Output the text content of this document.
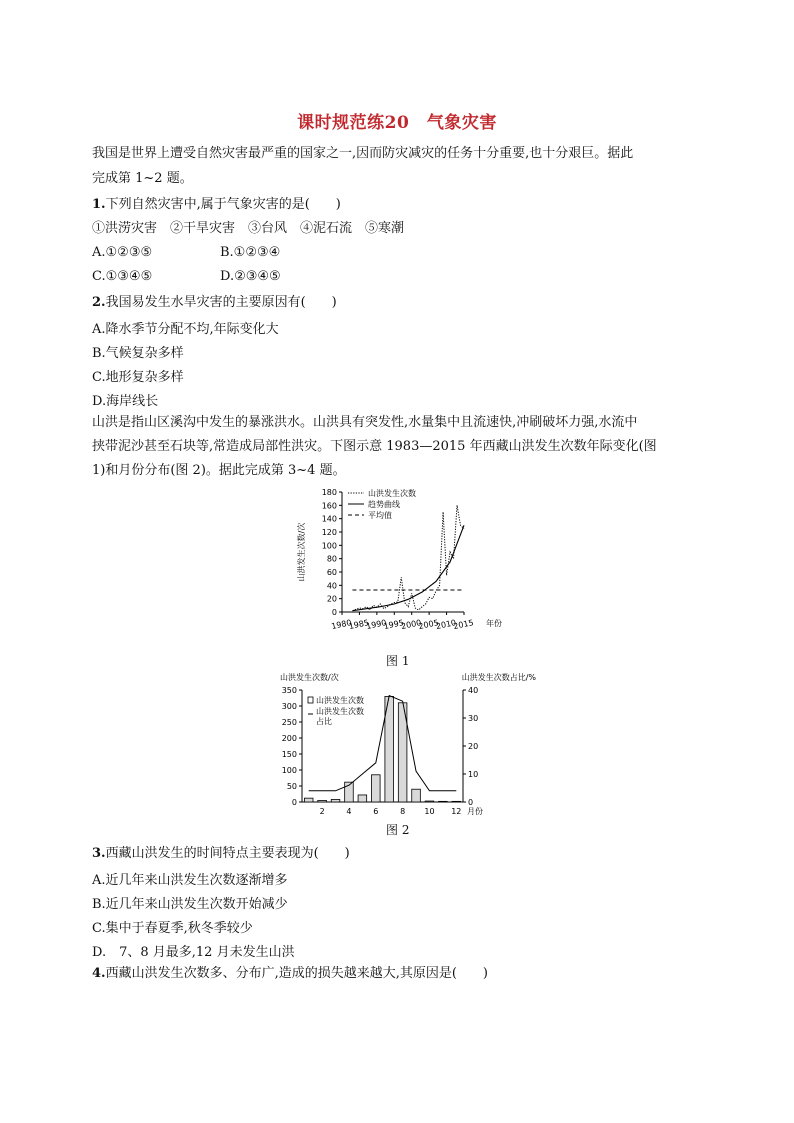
课时规范练20　气象灾害
我国是世界上遭受自然灾害最严重的国家之一,因而防灾减灾的任务十分重要,也十分艰巨。据此
完成第 1~2 题。
1.下列自然灾害中,属于气象灾害的是(　　)
①洪涝灾害　②干旱灾害　③台风　④泥石流　⑤寒潮
A.①②③⑤	B.①②③④
C.①③④⑤	D.②③④⑤
2.我国易发生水旱灾害的主要原因有(　　)
A.降水季节分配不均,年际变化大
B.气候复杂多样
C.地形复杂多样
D.海岸线长
山洪是指山区溪沟中发生的暴涨洪水。山洪具有突发性,水量集中且流速快,冲刷破坏力强,水流中
挟带泥沙甚至石块等,常造成局部性洪灾。下图示意 1983—2015 年西藏山洪发生次数年际变化(图
1)和月份分布(图 2)。据此完成第 3~4 题。
0
20
40
60
80
100
120
140
160
180
1980
1985
1990
1995
2000
2005
2010
2015 年份
山洪发生次数/次
山洪发生次数
趋势曲线
平均值
图 1
山洪发生次数/次	山洪发生次数占比/%
0
50
100
150
200
250
300
350
0
10
20
30
40
2	4	6	8 10 12 月份
山洪发生次数
山洪发生次数
占比
图 2
3.西藏山洪发生的时间特点主要表现为(　　)
A.近几年来山洪发生次数逐渐增多
B.近几年来山洪发生次数开始减少
C.集中于春夏季,秋冬季较少
D.　7、8 月最多,12 月未发生山洪
4.西藏山洪发生次数多、分布广,造成的损失越来越大,其原因是(　　)
